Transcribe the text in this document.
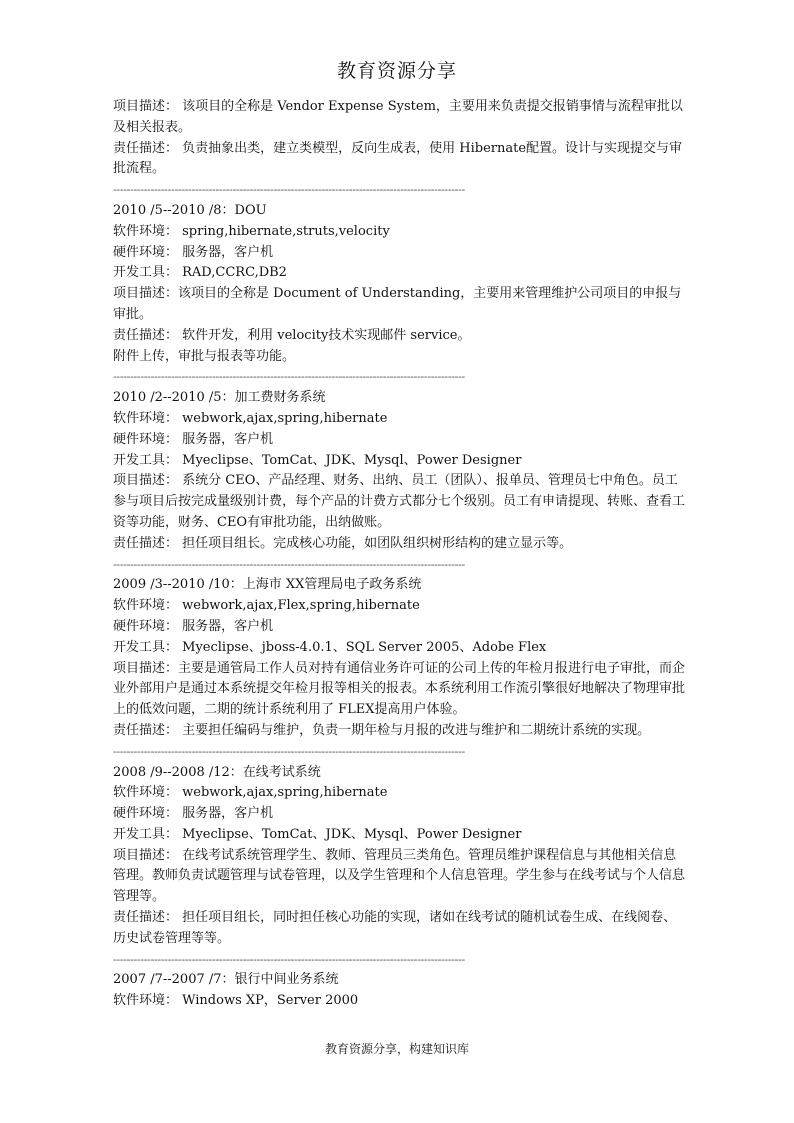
教育资源分享
项目描述： 该项目的全称是 Vendor Expense System，主要用来负责提交报销事情与流程审批以及相关报表。
责任描述： 负责抽象出类，建立类模型，反向生成表，使用 Hibernate配置。设计与实现提交与审批流程。
-------------------------------------------------------------------------------------------------------
2010 /5--2010 /8：DOU
软件环境： spring,hibernate,struts,velocity
硬件环境： 服务器，客户机
开发工具： RAD,CCRC,DB2
项目描述：该项目的全称是 Document of Understanding，主要用来管理维护公司项目的申报与审批。
责任描述： 软件开发，利用 velocity技术实现邮件 service。
附件上传，审批与报表等功能。
-------------------------------------------------------------------------------------------------------
2010 /2--2010 /5：加工费财务系统
软件环境： webwork,ajax,spring,hibernate
硬件环境： 服务器，客户机
开发工具： Myeclipse、TomCat、JDK、Mysql、Power Designer
项目描述： 系统分 CEO、产品经理、财务、出纳、员工（团队）、报单员、管理员七中角色。员工参与项目后按完成量级别计费，每个产品的计费方式都分七个级别。员工有申请提现、转账、查看工资等功能，财务、CEO有审批功能，出纳做账。
责任描述： 担任项目组长。完成核心功能，如团队组织树形结构的建立显示等。
-------------------------------------------------------------------------------------------------------
2009 /3--2010 /10：上海市 XX管理局电子政务系统
软件环境： webwork,ajax,Flex,spring,hibernate
硬件环境： 服务器，客户机
开发工具： Myeclipse、jboss-4.0.1、SQL Server 2005、Adobe Flex
项目描述：主要是通管局工作人员对持有通信业务许可证的公司上传的年检月报进行电子审批，而企业外部用户是通过本系统提交年检月报等相关的报表。本系统利用工作流引擎很好地解决了物理审批上的低效问题，二期的统计系统利用了 FLEX提高用户体验。
责任描述： 主要担任编码与维护，负责一期年检与月报的改进与维护和二期统计系统的实现。
-------------------------------------------------------------------------------------------------------
2008 /9--2008 /12：在线考试系统
软件环境： webwork,ajax,spring,hibernate
硬件环境： 服务器，客户机
开发工具： Myeclipse、TomCat、JDK、Mysql、Power Designer
项目描述： 在线考试系统管理学生、教师、管理员三类角色。管理员维护课程信息与其他相关信息管理。教师负责试题管理与试卷管理，以及学生管理和个人信息管理。学生参与在线考试与个人信息管理等。
责任描述： 担任项目组长，同时担任核心功能的实现，诸如在线考试的随机试卷生成、在线阅卷、历史试卷管理等等。
-------------------------------------------------------------------------------------------------------
2007 /7--2007 /7：银行中间业务系统
软件环境： Windows XP，Server 2000
教育资源分享，构建知识库
